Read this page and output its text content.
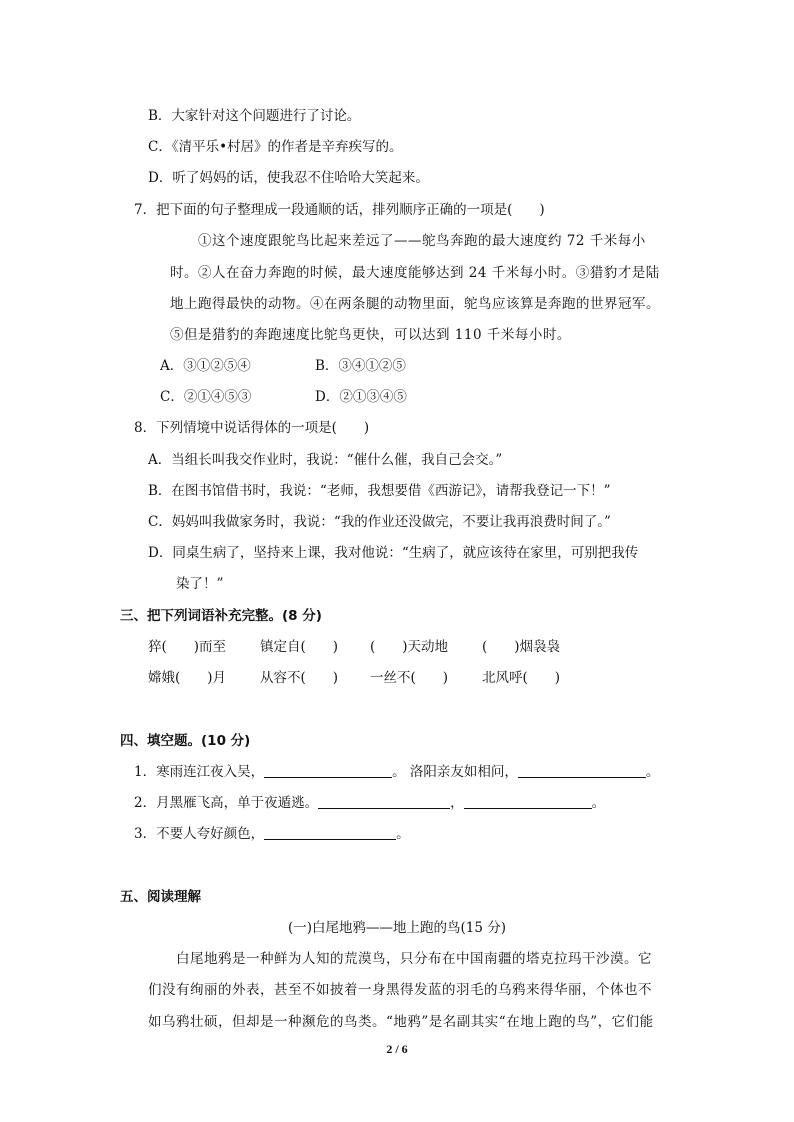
B．大家针对这个问题进行了讨论。
C．《清平乐•村居》的作者是辛弃疾写的。
D．听了妈妈的话，使我忍不住哈哈大笑起来。
7．把下面的句子整理成一段通顺的话，排列顺序正确的一项是(　　)
①这个速度跟鸵鸟比起来差远了——鸵鸟奔跑的最大速度约 72 千米每小
时。②人在奋力奔跑的时候，最大速度能够达到 24 千米每小时。③猎豹才是陆
地上跑得最快的动物。④在两条腿的动物里面，鸵鸟应该算是奔跑的世界冠军。
⑤但是猎豹的奔跑速度比鸵鸟更快，可以达到 110 千米每小时。
A．③①②⑤④	B．③④①②⑤
C．②①④⑤③	D．②①③④⑤
8．下列情境中说话得体的一项是(　　)
A．当组长叫我交作业时，我说：“催什么催，我自己会交。”
B．在图书馆借书时，我说：“老师，我想要借《西游记》，请帮我登记一下！”
C．妈妈叫我做家务时，我说：“我的作业还没做完，不要让我再浪费时间了。”
D．同桌生病了，坚持来上课，我对他说：“生病了，就应该待在家里，可别把我传
染了！”
三、把下列词语补充完整。(8 分)
猝(　　)而至	镇定自(　　) (　　)天动地	(　　)烟袅袅
嫦娥(　　)月	从容不(　　) 一丝不(　　)	北风呼(　　)
四、填空题。(10 分)
1．寒雨连江夜入吴，	。 洛阳亲友如相问，	。
2．月黑雁飞高，单于夜遁逃。	，	。
3．不要人夸好颜色，	。
五、阅读理解
(一)白尾地鸦——地上跑的鸟(15 分)
白尾地鸦是一种鲜为人知的荒漠鸟，只分布在中国南疆的塔克拉玛干沙漠。它
们没有绚丽的外表，甚至不如披着一身黑得发蓝的羽毛的乌鸦来得华丽，个体也不
如乌鸦壮硕，但却是一种濒危的鸟类。“地鸦”是名副其实“在地上跑的鸟”，它们能
2 / 6
